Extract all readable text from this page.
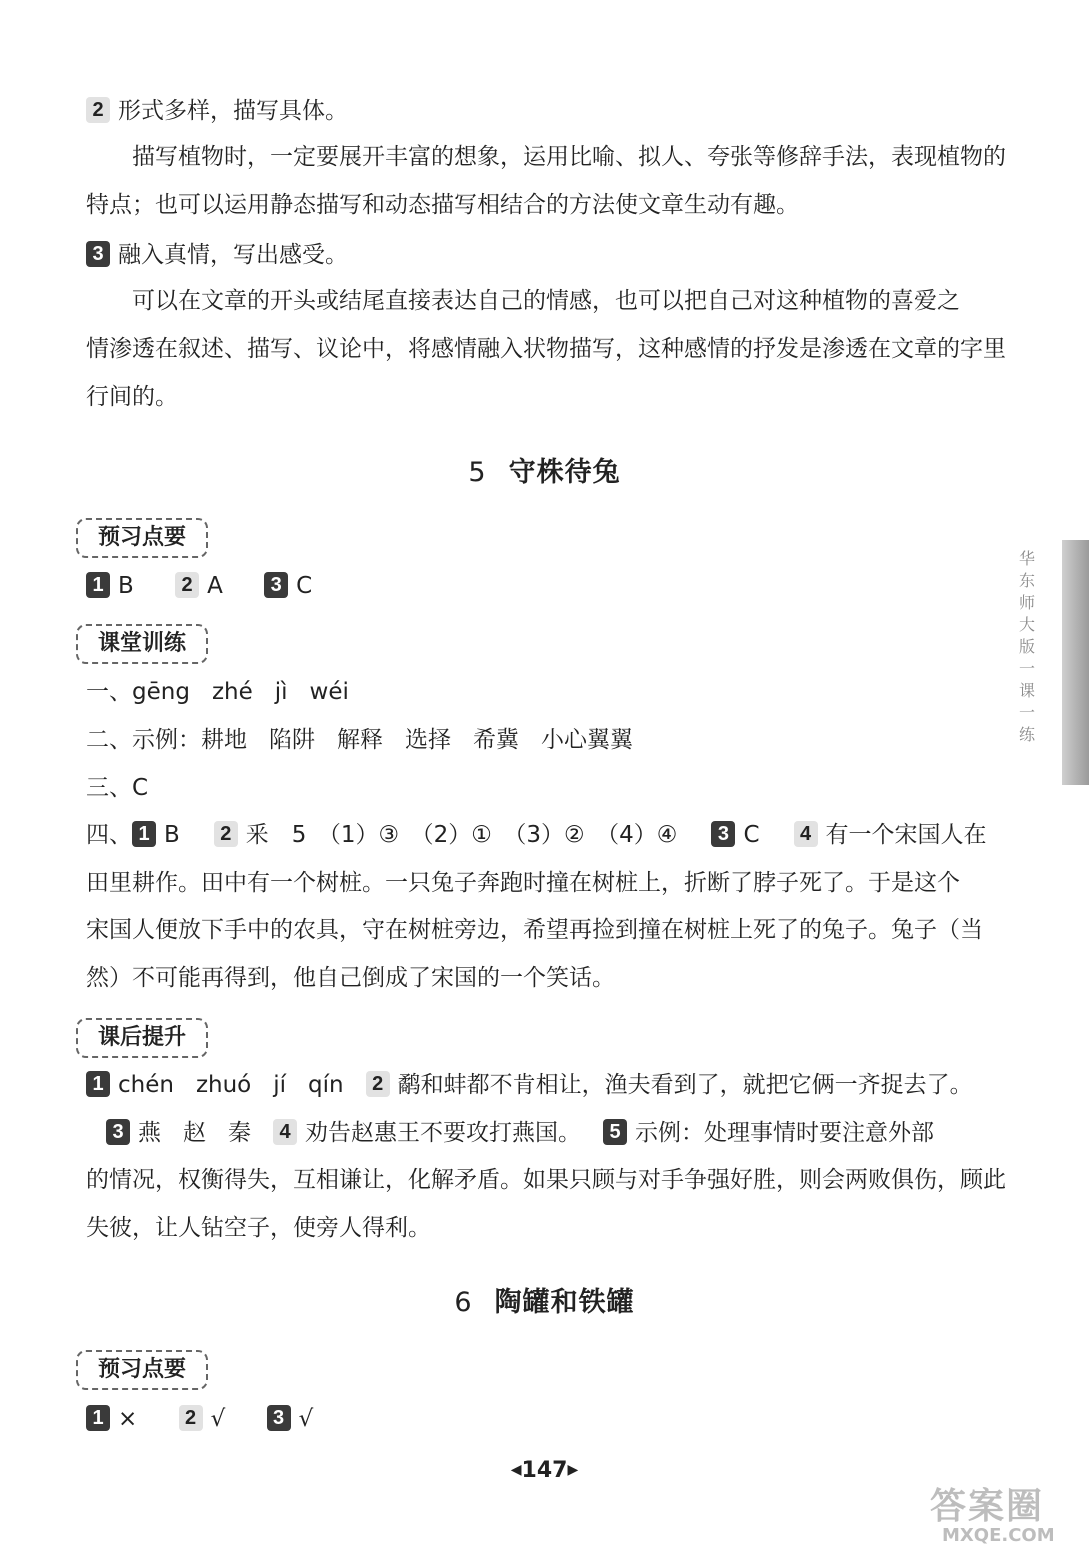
2 形式多样，描写具体。
描写植物时，一定要展开丰富的想象，运用比喻、拟人、夸张等修辞手法，表现植物的
特点；也可以运用静态描写和动态描写相结合的方法使文章生动有趣。
3 融入真情，写出感受。
可以在文章的开头或结尾直接表达自己的情感，也可以把自己对这种植物的喜爱之
情渗透在叙述、描写、议论中，将感情融入状物描写，这种感情的抒发是渗透在文章的字里
行间的。
5 守株待兔
预习点要
1 B 2 A 3 C
课堂训练
一、gēng zhé jì wéi
二、示例：耕地 陷阱 解释 选择 希冀 小心翼翼
三、C
四、 1 B 2 釆　5　（1）③　（2）①　（3）②　（4）④ 3 C 4 有一个宋国人在
田里耕作。田中有一个树桩。一只兔子奔跑时撞在树桩上，折断了脖子死了。于是这个
宋国人便放下手中的农具，守在树桩旁边，希望再捡到撞在树桩上死了的兔子。兔子（当
然）不可能再得到，他自己倒成了宋国的一个笑话。
课后提升
1 chén zhuó jí qín 2 鹬和蚌都不肯相让，渔夫看到了，就把它俩一齐捉去了。
3 燕 赵 秦 4 劝告赵惠王不要攻打燕国。 5 示例：处理事情时要注意外部
的情况，权衡得失，互相谦让，化解矛盾。如果只顾与对手争强好胜，则会两败俱伤，顾此
失彼，让人钻空子，使旁人得利。
6 陶罐和铁罐
预习点要
1 × 2 √ 3 √
华东师大版一课一练
◀147▶
答案圈
MXQE.COM
